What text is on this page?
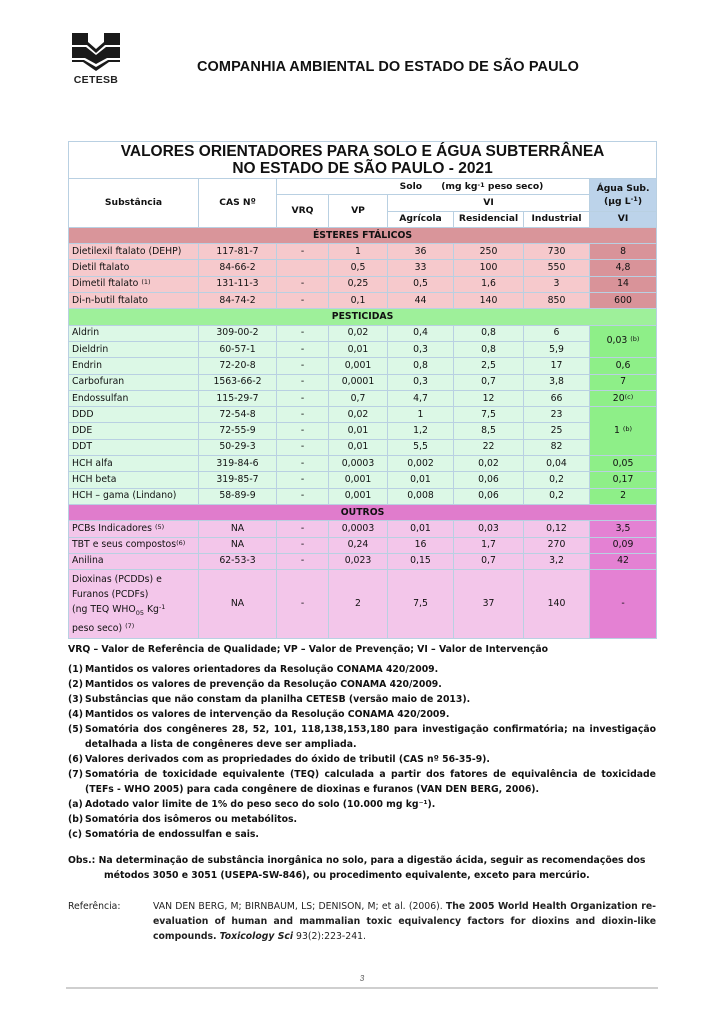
CETESB
COMPANHIA AMBIENTAL DO ESTADO DE SÃO PAULO
VALORES ORIENTADORES PARA SOLO E ÁGUA SUBTERRÂNEA
NO ESTADO DE SÃO PAULO - 2021							

Substância	CAS Nº	Solo (mg $kg^{-1}$ peso seco)					Água Sub.
(µg $L^{-1}$)

		VRQ	VP	VI			
				Agrícola	Residencial	Industrial	VI
ÉSTERES FTÁLICOS							
Dietilexil ftalato (DEHP)	117-81-7	-	1	36	250	730	8
Dietil ftalato	84-66-2		0,5	33	100	550	4,8
Dimetil ftalato $^{(1)}$	131-11-3	-	0,25	0,5	1,6	3	14
Di-n-butil ftalato	84-74-2	-	0,1	44	140	850	600
PESTICIDAS							
Aldrin	309-00-2	-	0,02	0,4	0,8	6	0,03 $^{(b)}$
Dieldrin	60-57-1	-	0,01	0,3	0,8	5,9	
Endrin	72-20-8	-	0,001	0,8	2,5	17	0,6
Carbofuran	1563-66-2	-	0,0001	0,3	0,7	3,8	7
Endossulfan	115-29-7	-	0,7	4,7	12	66	20$^{(c)}$
DDD	72-54-8	-	0,02	1	7,5	23	1 $^{(b)}$
DDE	72-55-9	-	0,01	1,2	8,5	25	
DDT	50-29-3	-	0,01	5,5	22	82	
HCH alfa	319-84-6	-	0,0003	0,002	0,02	0,04	0,05
HCH beta	319-85-7	-	0,001	0,01	0,06	0,2	0,17
HCH – gama (Lindano)	58-89-9	-	0,001	0,008	0,06	0,2	2
OUTROS							
PCBs Indicadores $^{(5)}$	NA	-	0,0003	0,01	0,03	0,12	3,5
TBT e seus compostos$^{(6)}$	NA	-	0,24	16	1,7	270	0,09
Anilina	62-53-3	-	0,023	0,15	0,7	3,2	42

Dioxinas (PCDDs) e
Furanos (PCDFs)
(ng TEQ $WHO_{05}$ $Kg^{-1}$
peso seco) $^{(7)}$	NA	-	2	7,5	37	140	-
VRQ – Valor de Referência de Qualidade; VP – Valor de Prevenção; VI – Valor de Intervenção
(1) Mantidos os valores orientadores da Resolução CONAMA 420/2009.
(2) Mantidos os valores de prevenção da Resolução CONAMA 420/2009.
(3) Substâncias que não constam da planilha CETESB (versão maio de 2013).
(4) Mantidos os valores de intervenção da Resolução CONAMA 420/2009.
(5) Somatória dos congêneres 28, 52, 101, 118,138,153,180 para investigação confirmatória; na investigação detalhada a lista de congêneres deve ser ampliada.
(6) Valores derivados com as propriedades do óxido de tributil (CAS nº 56-35-9).
(7) Somatória de toxicidade equivalente (TEQ) calculada a partir dos fatores de equivalência de toxicidade (TEFs - WHO 2005) para cada congênere de dioxinas e furanos (VAN DEN BERG, 2006).
(a) Adotado valor limite de 1% do peso seco do solo (10.000 mg kg⁻¹).
(b) Somatória dos isômeros ou metabólitos.
(c) Somatória de endossulfan e sais.
Obs.: Na determinação de substância inorgânica no solo, para a digestão ácida, seguir as recomendações dos
métodos 3050 e 3051 (USEPA-SW-846), ou procedimento equivalente, exceto para mercúrio.
Referência:	VAN DEN BERG, M; BIRNBAUM, LS; DENISON, M; et al. (2006). The 2005 World Health Organization re-evaluation of human and mammalian toxic equivalency factors for dioxins and dioxin-like compounds. Toxicology Sci 93(2):223-241.
3
